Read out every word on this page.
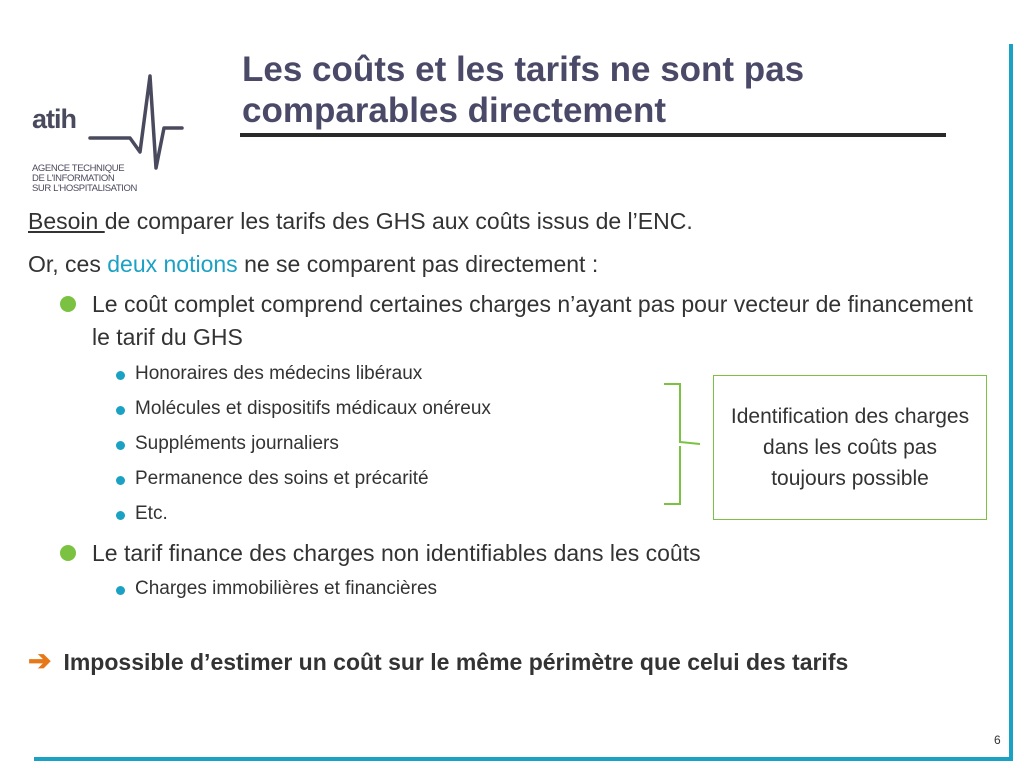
atih
AGENCE TECHNIQUE
DE L'INFORMATION
SUR L'HOSPITALISATION
Les coûts et les tarifs ne sont pas comparables directement
Besoin de comparer les tarifs des GHS aux coûts issus de l’ENC.
Or, ces deux notions ne se comparent pas directement :
Le coût complet comprend certaines charges n’ayant pas pour vecteur de financement le tarif du GHS
Honoraires des médecins libéraux
Molécules et dispositifs médicaux onéreux
Suppléments journaliers
Permanence des soins et précarité
Etc.
Identification des charges dans les coûts pas toujours possible
Le tarif finance des charges non identifiables dans les coûts
Charges immobilières et financières
➔ Impossible d’estimer un coût sur le même périmètre que celui des tarifs
6
